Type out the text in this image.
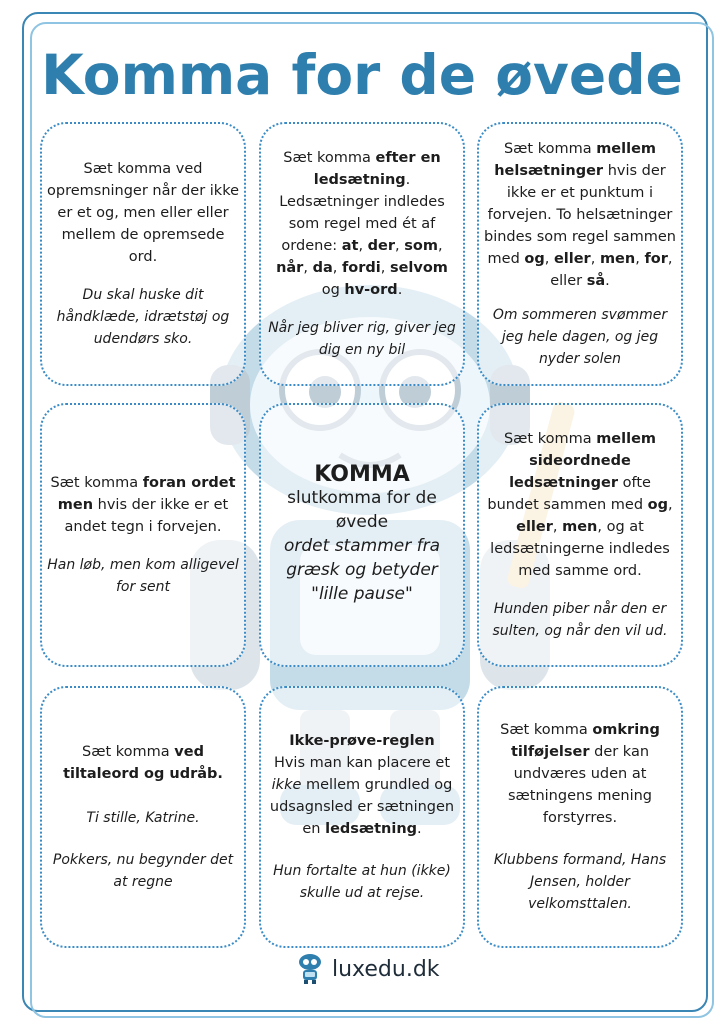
Komma for de øvede

Sæt komma ved opremsninger når der ikke er et og, men eller eller mellem de opremsede ord.

Du skal huske dit håndklæde, idrætstøj og udendørs sko.

Sæt komma efter en ledsætning. Ledsætninger indledes som regel med ét af ordene: at, der, som, når, da, fordi, selvom og hv-ord.

Når jeg bliver rig, giver jeg dig en ny bil

Sæt komma mellem helsætninger hvis der ikke er et punktum i forvejen. To helsætninger bindes som regel sammen med og, eller, men, for, eller så.

Om sommeren svømmer jeg hele dagen, og jeg nyder solen

Sæt komma foran ordet men hvis der ikke er et andet tegn i forvejen.

Han løb, men kom alligevel for sent

KOMMA

slutkomma for de øvede

ordet stammer fra græsk og betyder "lille pause"

Sæt komma mellem sideordnede ledsætninger ofte bundet sammen med og, eller, men, og at ledsætningerne indledes med samme ord.

Hunden piber når den er sulten, og når den vil ud.

Sæt komma ved tiltaleord og udråb.

Ti stille, Katrine.

Pokkers, nu begynder det at regne

Ikke-prøve-reglen

Hvis man kan placere et ikke mellem grundled og udsagnsled er sætningen en ledsætning.

Hun fortalte at hun (ikke) skulle ud at rejse.

Sæt komma omkring tilføjelser der kan undværes uden at sætningens mening forstyrres.

Klubbens formand, Hans Jensen, holder velkomsttalen.

luxedu.dk
